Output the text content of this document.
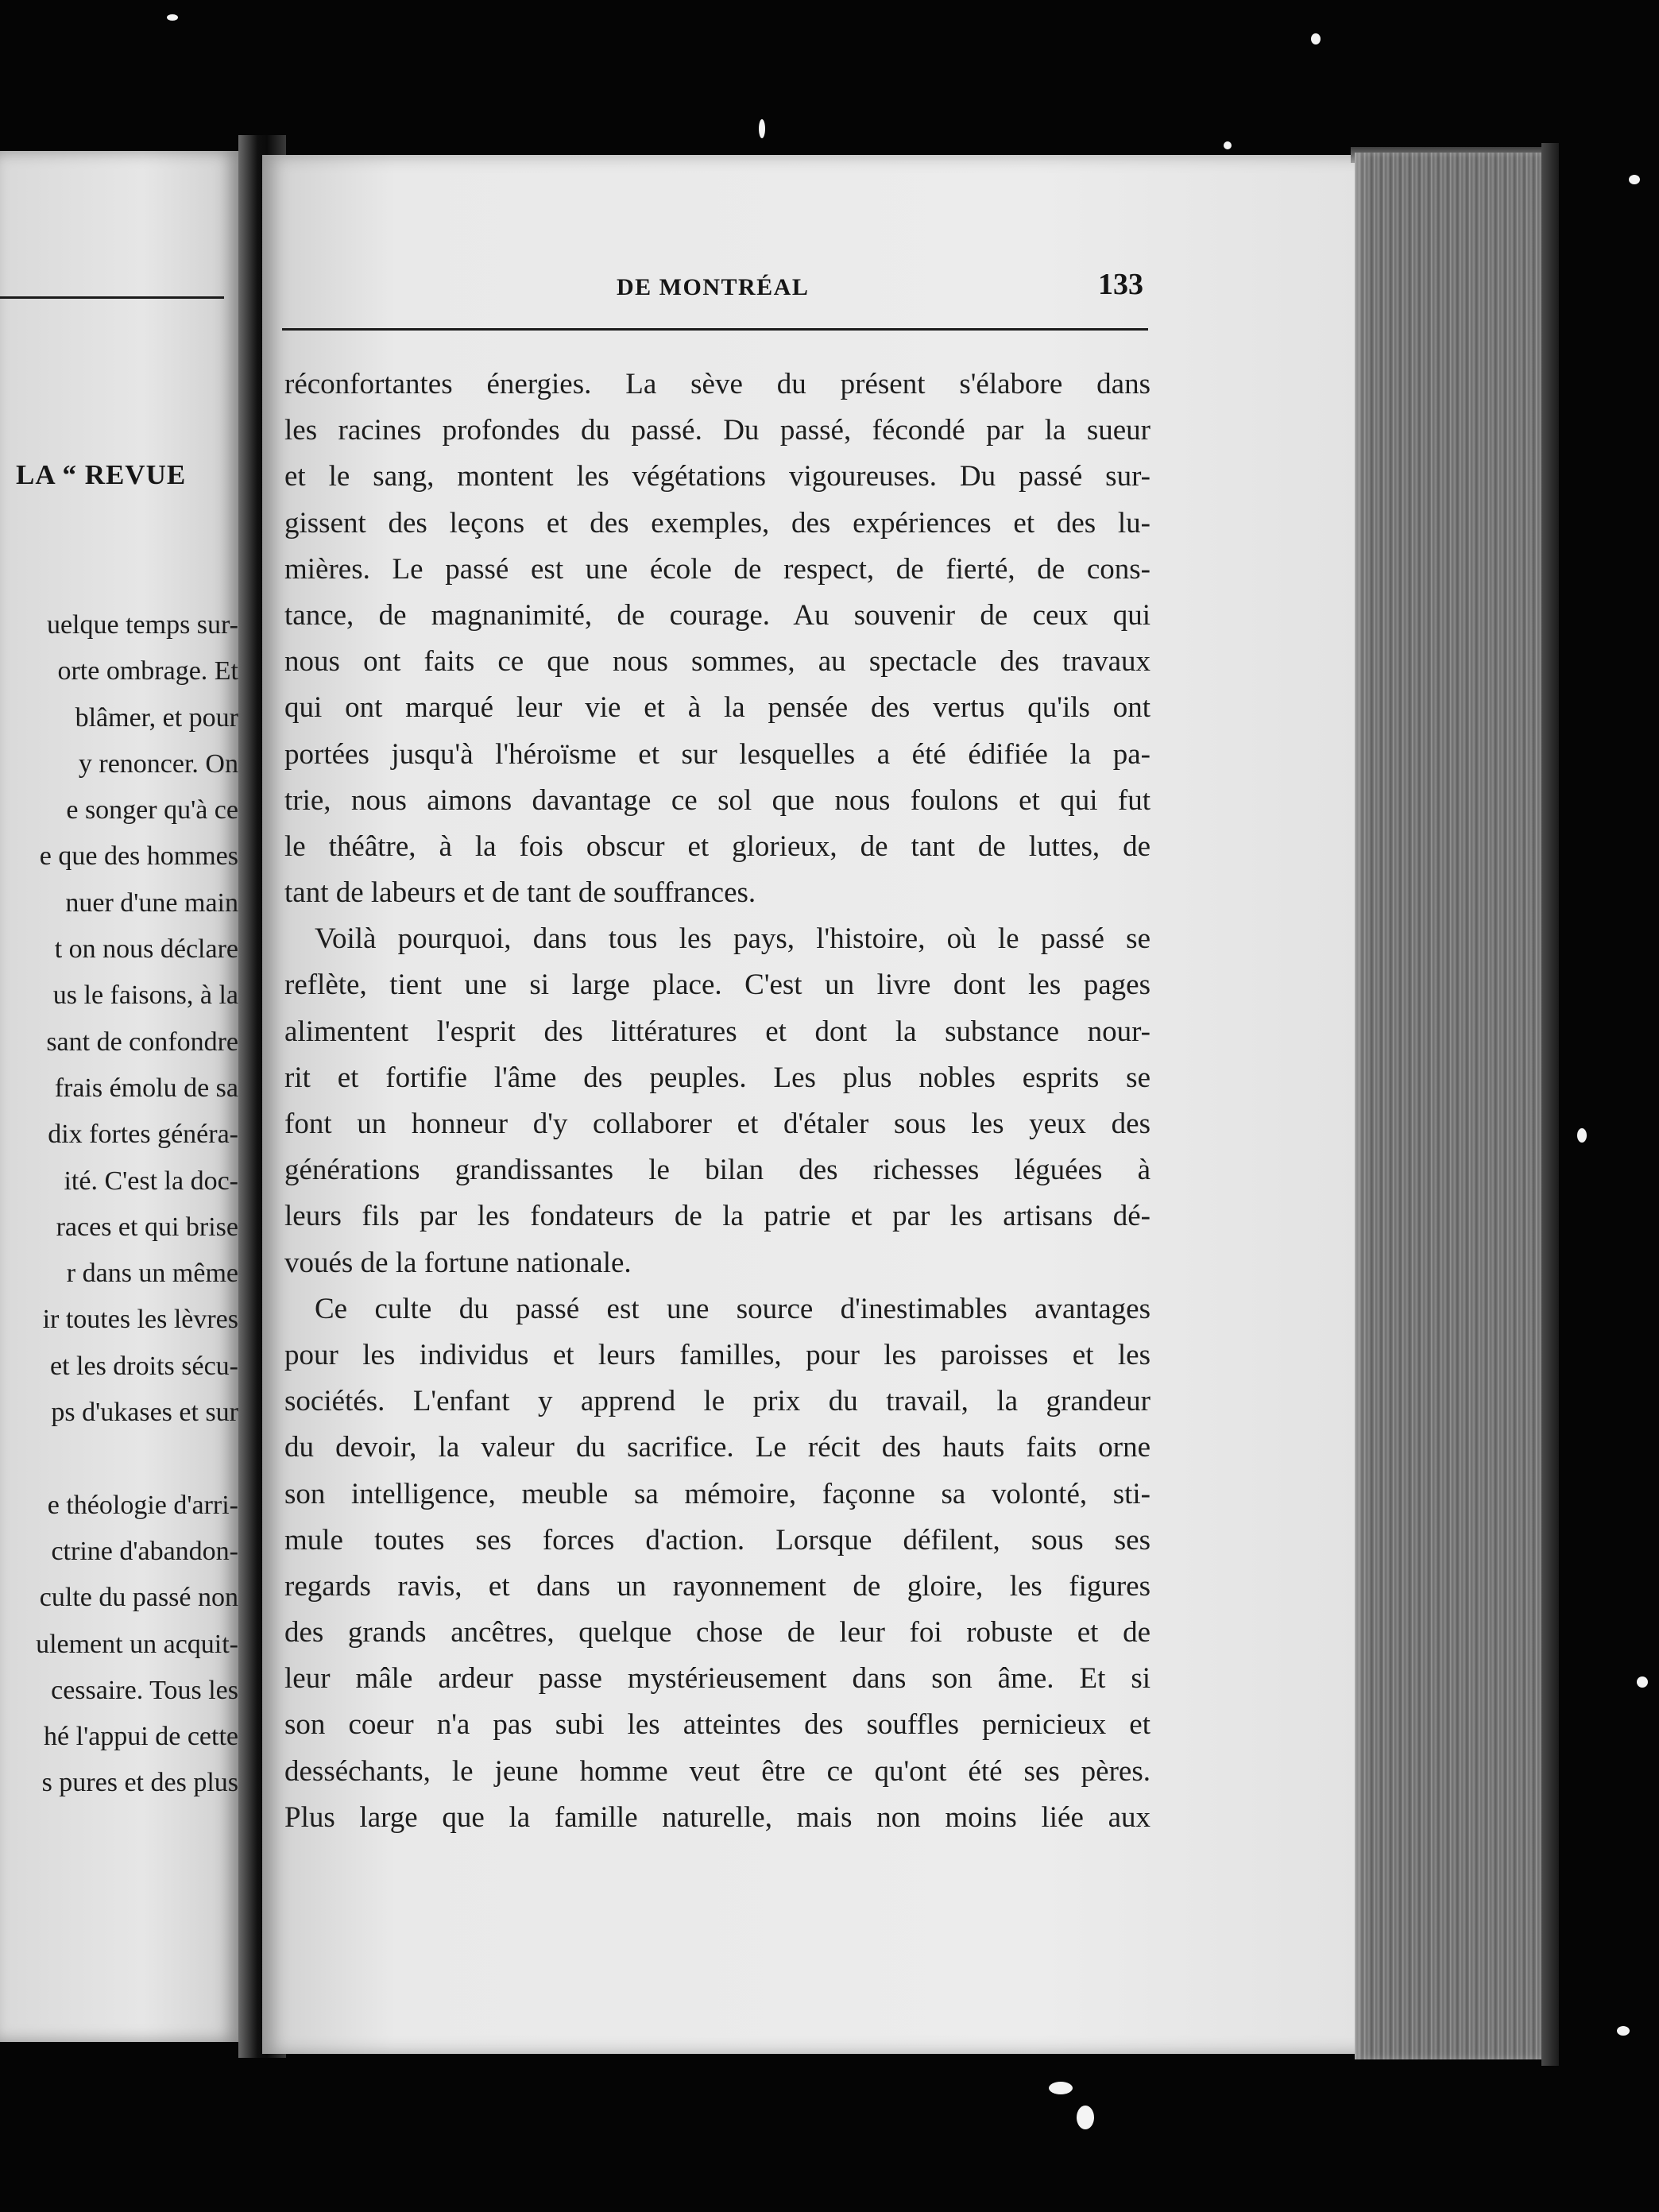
LA “ REVUE
uelque temps sur-
orte ombrage. Et
blâmer, et pour
y renoncer. On
e songer qu'à ce
e que des hommes
nuer d'une main
t on nous déclare
us le faisons, à la
sant de confondre
frais émolu de sa
dix fortes généra-
ité. C'est la doc-
races et qui brise
r dans un même
ir toutes les lèvres
et les droits sécu-
ps d'ukases et sur
e théologie d'arri-
ctrine d'abandon-
culte du passé non
ulement un acquit-
cessaire. Tous les
hé l'appui de cette
s pures et des plus
DE MONTRÉAL	133
réconfortantes énergies. La sève du présent s'élabore dans
les racines profondes du passé. Du passé, fécondé par la sueur
et le sang, montent les végétations vigoureuses. Du passé sur-
gissent des leçons et des exemples, des expériences et des lu-
mières. Le passé est une école de respect, de fierté, de cons-
tance, de magnanimité, de courage. Au souvenir de ceux qui
nous ont faits ce que nous sommes, au spectacle des travaux
qui ont marqué leur vie et à la pensée des vertus qu'ils ont
portées jusqu'à l'héroïsme et sur lesquelles a été édifiée la pa-
trie, nous aimons davantage ce sol que nous foulons et qui fut
le théâtre, à la fois obscur et glorieux, de tant de luttes, de
tant de labeurs et de tant de souffrances.
Voilà pourquoi, dans tous les pays, l'histoire, où le passé se
reflète, tient une si large place. C'est un livre dont les pages
alimentent l'esprit des littératures et dont la substance nour-
rit et fortifie l'âme des peuples. Les plus nobles esprits se
font un honneur d'y collaborer et d'étaler sous les yeux des
générations grandissantes le bilan des richesses léguées à
leurs fils par les fondateurs de la patrie et par les artisans dé-
voués de la fortune nationale.
Ce culte du passé est une source d'inestimables avantages
pour les individus et leurs familles, pour les paroisses et les
sociétés. L'enfant y apprend le prix du travail, la grandeur
du devoir, la valeur du sacrifice. Le récit des hauts faits orne
son intelligence, meuble sa mémoire, façonne sa volonté, sti-
mule toutes ses forces d'action. Lorsque défilent, sous ses
regards ravis, et dans un rayonnement de gloire, les figures
des grands ancêtres, quelque chose de leur foi robuste et de
leur mâle ardeur passe mystérieusement dans son âme. Et si
son coeur n'a pas subi les atteintes des souffles pernicieux et
desséchants, le jeune homme veut être ce qu'ont été ses pères.
Plus large que la famille naturelle, mais non moins liée aux
